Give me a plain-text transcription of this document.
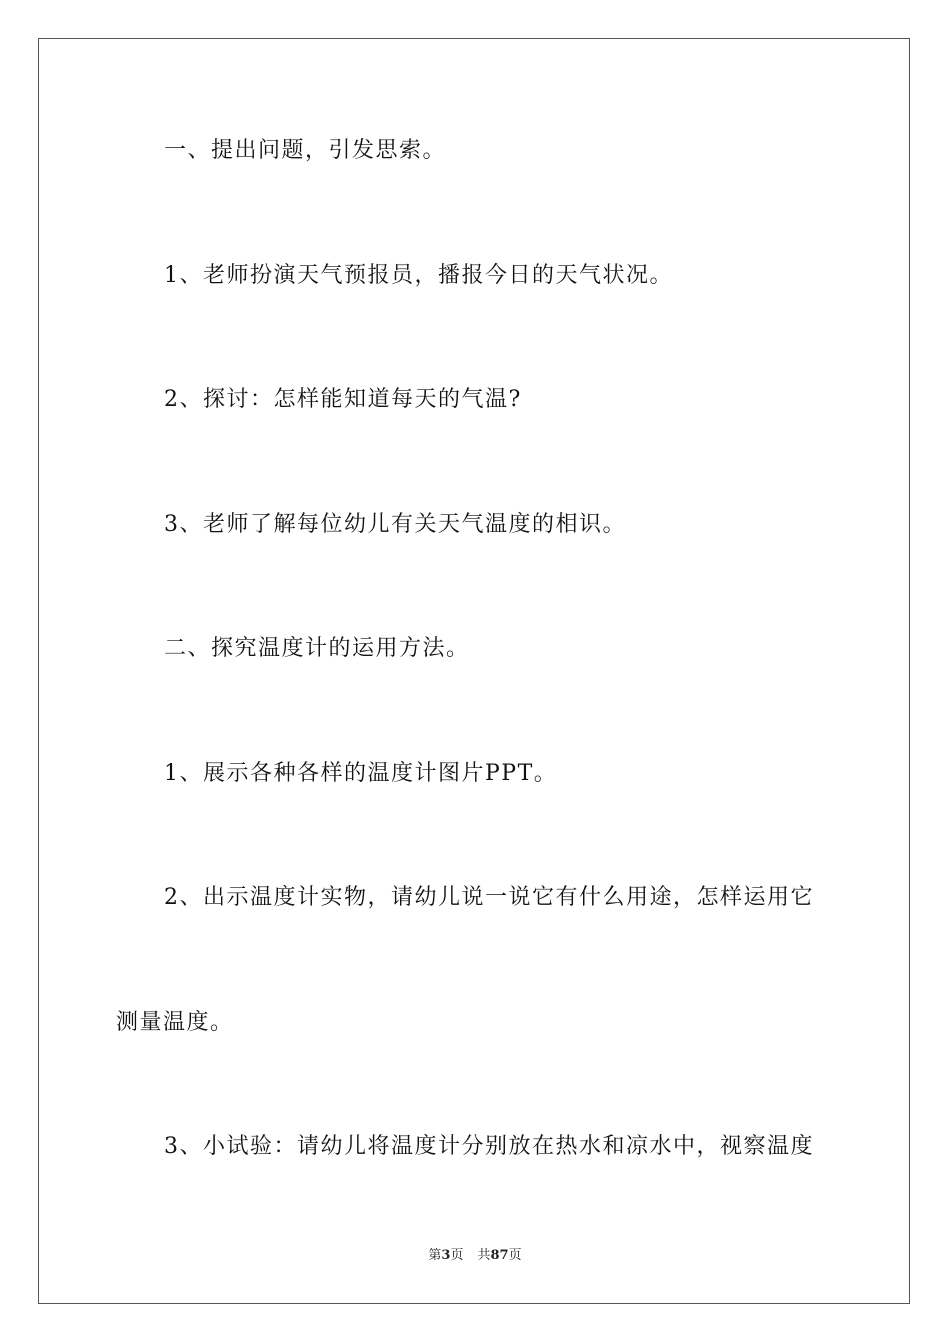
一、提出问题，引发思索。
1、老师扮演天气预报员，播报今日的天气状况。
2、探讨：怎样能知道每天的气温?
3、老师了解每位幼儿有关天气温度的相识。
二、探究温度计的运用方法。
1、展示各种各样的温度计图片PPT。
2、出示温度计实物，请幼儿说一说它有什么用途，怎样运用它
测量温度。
3、小试验：请幼儿将温度计分别放在热水和凉水中，视察温度
第3页 共87页
